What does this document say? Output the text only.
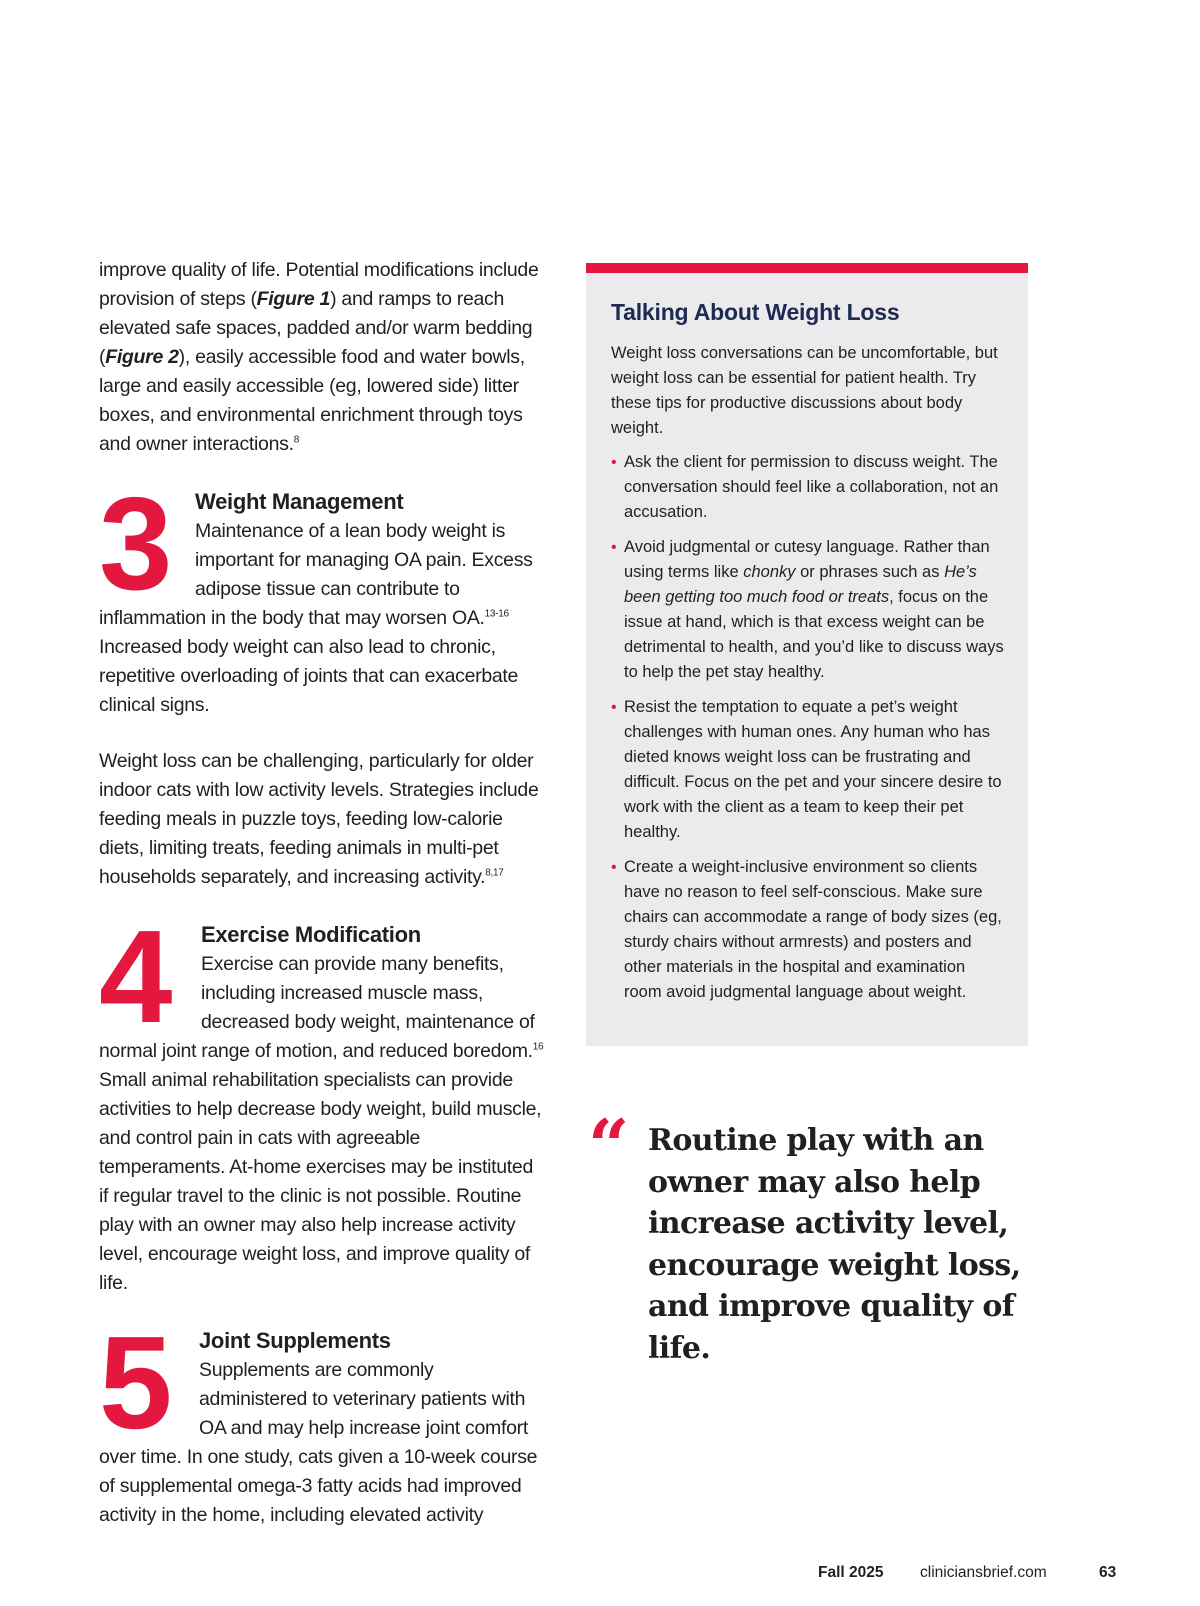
improve quality of life. Potential modifications include provision of steps (Figure 1) and ramps to reach elevated safe spaces, padded and/or warm bedding (Figure 2), easily accessible food and water bowls, large and easily accessible (eg, lowered side) litter boxes, and environmental enrichment through toys and owner interactions.$^8$

3	Weight Management

Maintenance of a lean body weight is important for managing OA pain. Excess adipose tissue can contribute to inflammation in the body that may worsen OA.$^{13-16}$ Increased body weight can also lead to chronic, repetitive overloading of joints that can exacerbate clinical signs.

Weight loss can be challenging, particularly for older indoor cats with low activity levels. Strategies include feeding meals in puzzle toys, feeding low-calorie diets, limiting treats, feeding animals in multi-pet households separately, and increasing activity.$^{8,17}$

4	Exercise Modification

Exercise can provide many benefits, including increased muscle mass, decreased body weight, maintenance of normal joint range of motion, and reduced boredom.$^{16}$ Small animal rehabilitation specialists can provide activities to help decrease body weight, build muscle, and control pain in cats with agreeable temperaments. At-home exercises may be instituted if regular travel to the clinic is not possible. Routine play with an owner may also help increase activity level, encourage weight loss, and improve quality of life.

5	Joint Supplements

Supplements are commonly administered to veterinary patients with OA and may help increase joint comfort over time. In one study, cats given a 10-week course of supplemental omega-3 fatty acids had improved activity in the home, including elevated activity

Talking About Weight Loss

Weight loss conversations can be uncomfortable, but weight loss can be essential for patient health. Try these tips for productive discussions about body weight.

• Ask the client for permission to discuss weight. The conversation should feel like a collaboration, not an accusation.
• Avoid judgmental or cutesy language. Rather than using terms like chonky or phrases such as He’s been getting too much food or treats, focus on the issue at hand, which is that excess weight can be detrimental to health, and you’d like to discuss ways to help the pet stay healthy.
• Resist the temptation to equate a pet’s weight challenges with human ones. Any human who has dieted knows weight loss can be frustrating and difficult. Focus on the pet and your sincere desire to work with the client as a team to keep their pet healthy.
• Create a weight-inclusive environment so clients have no reason to feel self-conscious. Make sure chairs can accommodate a range of body sizes (eg, sturdy chairs without armrests) and posters and other materials in the hospital and examination room avoid judgmental language about weight.
“ Routine play with an owner may also help increase activity level, encourage weight loss, and improve quality of life.
Fall 2025 cliniciansbrief.com	63
